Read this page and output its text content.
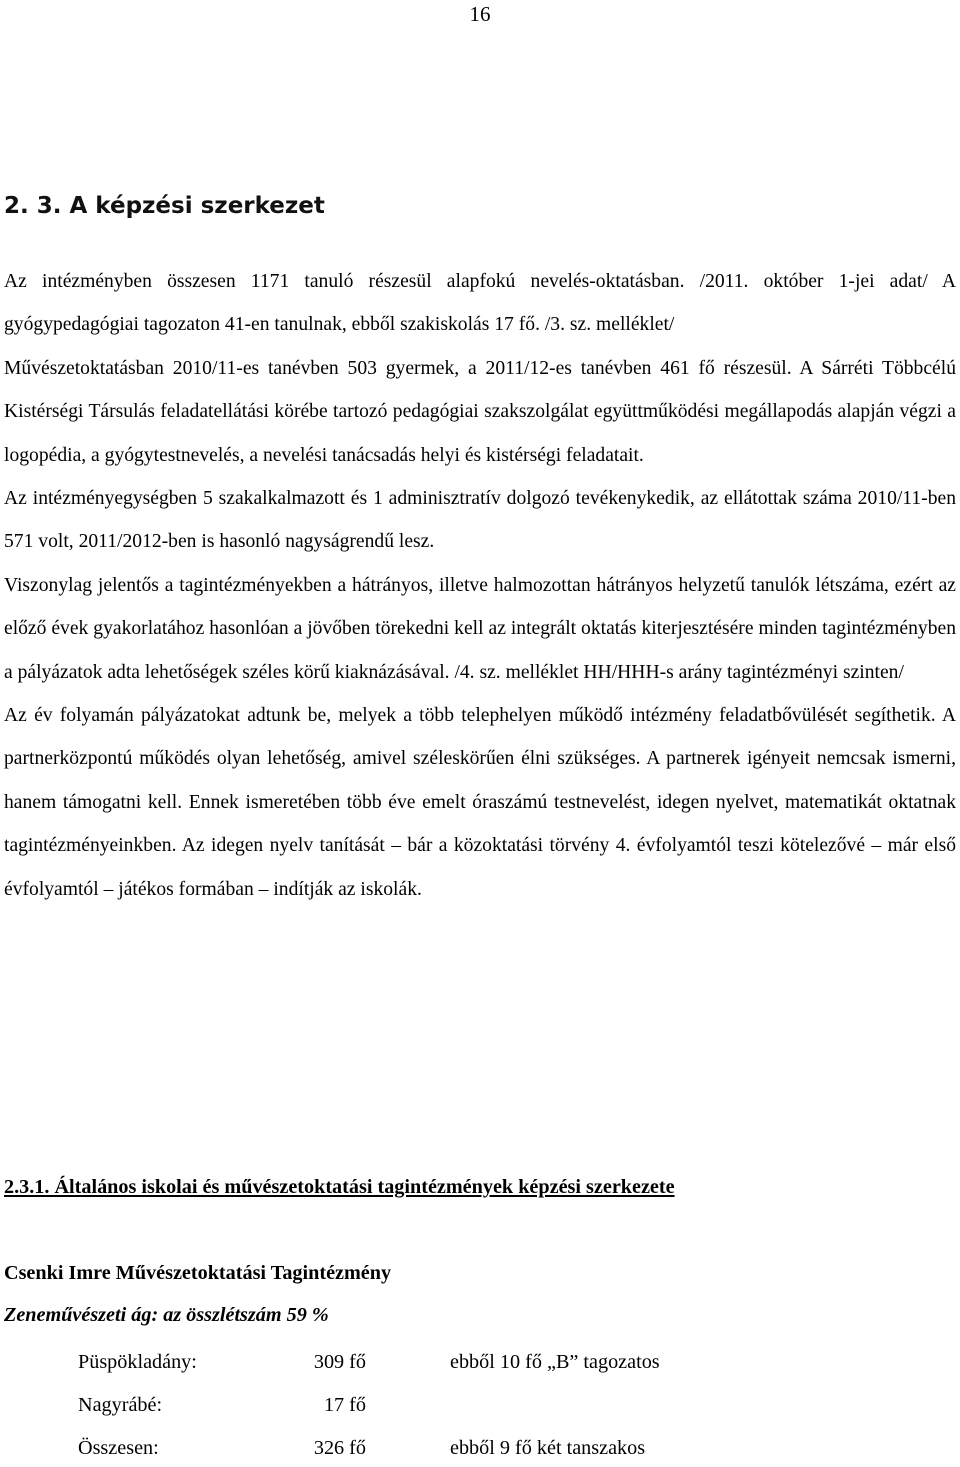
16
2. 3. A képzési szerkezet

Az intézményben összesen 1171 tanuló részesül alapfokú nevelés-oktatásban. /2011. október 1-jei adat/ A gyógypedagógiai tagozaton 41-en tanulnak, ebből szakiskolás 17 fő. /3. sz. melléklet/

Művészetoktatásban 2010/11-es tanévben 503 gyermek, a 2011/12-es tanévben 461 fő részesül. A Sárréti Többcélú Kistérségi Társulás feladatellátási körébe tartozó pedagógiai szakszolgálat együttműködési megállapodás alapján végzi a logopédia, a gyógytestnevelés, a nevelési tanácsadás helyi és kistérségi feladatait.

Az intézményegységben 5 szakalkalmazott és 1 adminisztratív dolgozó tevékenykedik, az ellátottak száma 2010/11-ben 571 volt, 2011/2012-ben is hasonló nagyságrendű lesz.

Viszonylag jelentős a tagintézményekben a hátrányos, illetve halmozottan hátrányos helyzetű tanulók létszáma, ezért az előző évek gyakorlatához hasonlóan a jövőben törekedni kell az integrált oktatás kiterjesztésére minden tagintézményben a pályázatok adta lehetőségek széles körű kiaknázásával. /4. sz. melléklet HH/HHH-s arány tagintézményi szinten/

Az év folyamán pályázatokat adtunk be, melyek a több telephelyen működő intézmény feladatbővülését segíthetik. A partnerközpontú működés olyan lehetőség, amivel széleskörűen élni szükséges. A partnerek igényeit nemcsak ismerni, hanem támogatni kell. Ennek ismeretében több éve emelt óraszámú testnevelést, idegen nyelvet, matematikát oktatnak tagintézményeinkben. Az idegen nyelv tanítását – bár a közoktatási törvény 4. évfolyamtól teszi kötelezővé – már első évfolyamtól – játékos formában – indítják az iskolák.

2.3.1. Általános iskolai és művészetoktatási tagintézmények képzési szerkezete
Csenki Imre Művészetoktatási Tagintézmény
Zeneművészeti ág: az összlétszám 59 %
Püspökladány:	309 fő	ebből 10 fő „B” tagozatos
Nagyrábé:	17 fő
Összesen:	326 fő	ebből 9 fő két tanszakos
